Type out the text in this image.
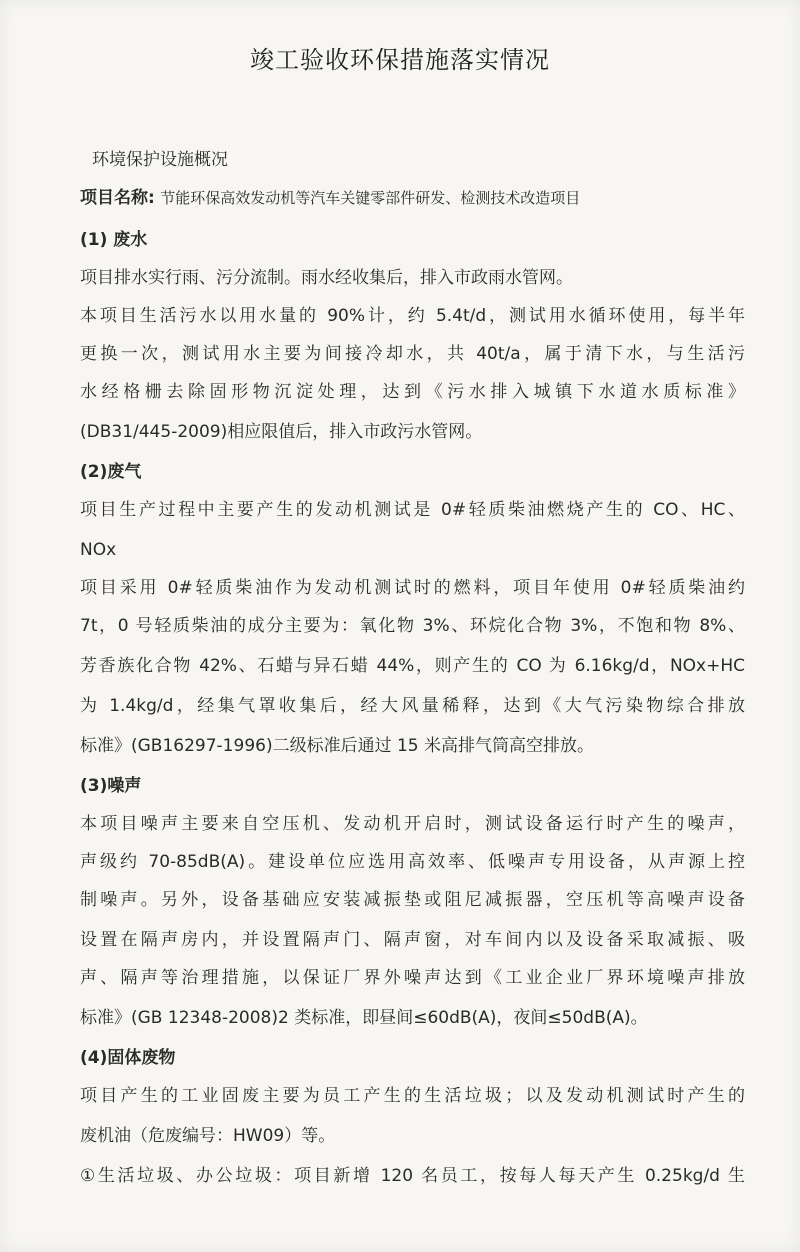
竣工验收环保措施落实情况
环境保护设施概况
项目名称: 节能环保高效发动机等汽车关键零部件研发、检测技术改造项目
(1) 废水
项目排水实行雨、污分流制。雨水经收集后，排入市政雨水管网。
本项目生活污水以用水量的 90%计，约 5.4t/d，测试用水循环使用，每半年
更换一次，测试用水主要为间接冷却水，共 40t/a，属于清下水，与生活污
水经格栅去除固形物沉淀处理，达到《污水排入城镇下水道水质标准》
(DB31/445-2009)相应限值后，排入市政污水管网。
(2)废气
项目生产过程中主要产生的发动机测试是 0#轻质柴油燃烧产生的 CO、HC、
NOx
项目采用 0#轻质柴油作为发动机测试时的燃料，项目年使用 0#轻质柴油约
7t，0 号轻质柴油的成分主要为：氧化物 3%、环烷化合物 3%，不饱和物 8%、
芳香族化合物 42%、石蜡与异石蜡 44%，则产生的 CO 为 6.16kg/d，NOx+HC
为 1.4kg/d，经集气罩收集后，经大风量稀释，达到《大气污染物综合排放
标准》(GB16297-1996)二级标准后通过 15 米高排气筒高空排放。
(3)噪声
本项目噪声主要来自空压机、发动机开启时，测试设备运行时产生的噪声，
声级约 70-85dB(A)。建设单位应选用高效率、低噪声专用设备，从声源上控
制噪声。另外，设备基础应安装减振垫或阻尼减振器，空压机等高噪声设备
设置在隔声房内，并设置隔声门、隔声窗，对车间内以及设备采取减振、吸
声、隔声等治理措施，以保证厂界外噪声达到《工业企业厂界环境噪声排放
标准》(GB 12348-2008)2 类标准，即昼间≤60dB(A)，夜间≤50dB(A)。
(4)固体废物
项目产生的工业固废主要为员工产生的生活垃圾；以及发动机测试时产生的
废机油（危废编号：HW09）等。
①生活垃圾、办公垃圾：项目新增 120 名员工，按每人每天产生 0.25kg/d 生
